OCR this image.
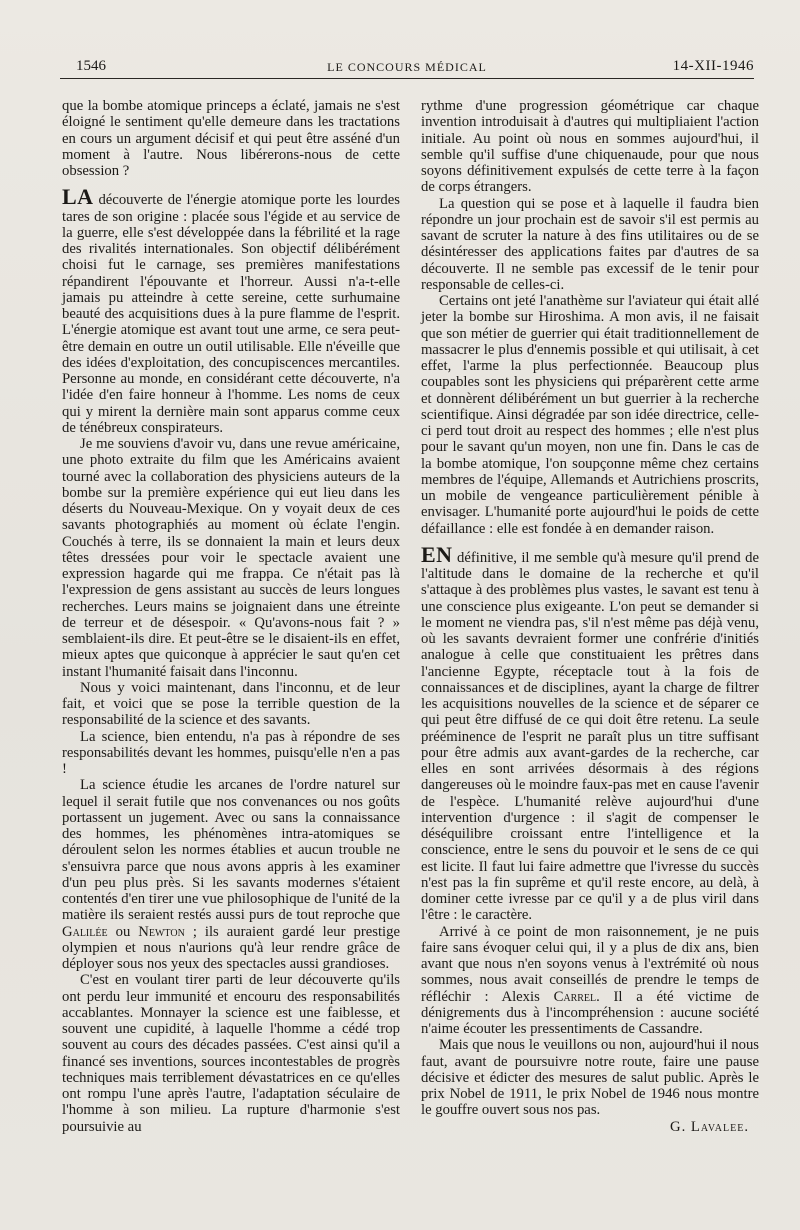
1546	LE CONCOURS MÉDICAL	14-XII-1946

que la bombe atomique princeps a éclaté, jamais ne s'est éloigné le sentiment qu'elle demeure dans les tractations en cours un argument décisif et qui peut être asséné d'un moment à l'autre. Nous libérerons-nous de cette obsession ?

LA découverte de l'énergie atomique porte les lourdes tares de son origine : placée sous l'égide et au service de la guerre, elle s'est développée dans la fébrilité et la rage des rivalités internationales. Son objectif délibérément choisi fut le carnage, ses premières manifestations répandirent l'épouvante et l'horreur. Aussi n'a-t-elle jamais pu atteindre à cette sereine, cette surhumaine beauté des acquisitions dues à la pure flamme de l'esprit. L'énergie atomique est avant tout une arme, ce sera peut-être demain en outre un outil utilisable. Elle n'éveille que des idées d'exploitation, des concupiscences mercantiles. Personne au monde, en considérant cette découverte, n'a l'idée d'en faire honneur à l'homme. Les noms de ceux qui y mirent la dernière main sont apparus comme ceux de ténébreux conspirateurs.

Je me souviens d'avoir vu, dans une revue américaine, une photo extraite du film que les Américains avaient tourné avec la collaboration des physiciens auteurs de la bombe sur la première expérience qui eut lieu dans les déserts du Nouveau-Mexique. On y voyait deux de ces savants photographiés au moment où éclate l'engin. Couchés à terre, ils se donnaient la main et leurs deux têtes dressées pour voir le spectacle avaient une expression hagarde qui me frappa. Ce n'était pas là l'expression de gens assistant au succès de leurs longues recherches. Leurs mains se joignaient dans une étreinte de terreur et de désespoir. « Qu'avons-nous fait ? » semblaient-ils dire. Et peut-être se le disaient-ils en effet, mieux aptes que quiconque à apprécier le saut qu'en cet instant l'humanité faisait dans l'inconnu.

Nous y voici maintenant, dans l'inconnu, et de leur fait, et voici que se pose la terrible question de la responsabilité de la science et des savants.

La science, bien entendu, n'a pas à répondre de ses responsabilités devant les hommes, puisqu'elle n'en a pas !

La science étudie les arcanes de l'ordre naturel sur lequel il serait futile que nos convenances ou nos goûts portassent un jugement. Avec ou sans la connaissance des hommes, les phénomènes intra-atomiques se déroulent selon les normes établies et aucun trouble ne s'ensuivra parce que nous avons appris à les examiner d'un peu plus près. Si les savants modernes s'étaient contentés d'en tirer une vue philosophique de l'unité de la matière ils seraient restés aussi purs de tout reproche que Galilée ou Newton ; ils auraient gardé leur prestige olympien et nous n'aurions qu'à leur rendre grâce de déployer sous nos yeux des spectacles aussi grandioses.

C'est en voulant tirer parti de leur découverte qu'ils ont perdu leur immunité et encouru des responsabilités accablantes. Monnayer la science est une faiblesse, et souvent une cupidité, à laquelle l'homme a cédé trop souvent au cours des décades passées. C'est ainsi qu'il a financé ses inventions, sources incontestables de progrès techniques mais terriblement dévastatrices en ce qu'elles ont rompu l'une après l'autre, l'adaptation séculaire de l'homme à son milieu. La rupture d'harmonie s'est poursuivie au

rythme d'une progression géométrique car chaque invention introduisait à d'autres qui multipliaient l'action initiale. Au point où nous en sommes aujourd'hui, il semble qu'il suffise d'une chiquenaude, pour que nous soyons définitivement expulsés de cette terre à la façon de corps étrangers.

La question qui se pose et à laquelle il faudra bien répondre un jour prochain est de savoir s'il est permis au savant de scruter la nature à des fins utilitaires ou de se désintéresser des applications faites par d'autres de sa découverte. Il ne semble pas excessif de le tenir pour responsable de celles-ci.

Certains ont jeté l'anathème sur l'aviateur qui était allé jeter la bombe sur Hiroshima. A mon avis, il ne faisait que son métier de guerrier qui était traditionnellement de massacrer le plus d'ennemis possible et qui utilisait, à cet effet, l'arme la plus perfectionnée. Beaucoup plus coupables sont les physiciens qui préparèrent cette arme et donnèrent délibérément un but guerrier à la recherche scientifique. Ainsi dégradée par son idée directrice, celle-ci perd tout droit au respect des hommes ; elle n'est plus pour le savant qu'un moyen, non une fin. Dans le cas de la bombe atomique, l'on soupçonne même chez certains membres de l'équipe, Allemands et Autrichiens proscrits, un mobile de vengeance particulièrement pénible à envisager. L'humanité porte aujourd'hui le poids de cette défaillance : elle est fondée à en demander raison.

EN définitive, il me semble qu'à mesure qu'il prend de l'altitude dans le domaine de la recherche et qu'il s'attaque à des problèmes plus vastes, le savant est tenu à une conscience plus exigeante. L'on peut se demander si le moment ne viendra pas, s'il n'est même pas déjà venu, où les savants devraient former une confrérie d'initiés analogue à celle que constituaient les prêtres dans l'ancienne Egypte, réceptacle tout à la fois de connaissances et de disciplines, ayant la charge de filtrer les acquisitions nouvelles de la science et de séparer ce qui peut être diffusé de ce qui doit être retenu. La seule prééminence de l'esprit ne paraît plus un titre suffisant pour être admis aux avant-gardes de la recherche, car elles en sont arrivées désormais à des régions dangereuses où le moindre faux-pas met en cause l'avenir de l'espèce. L'humanité relève aujourd'hui d'une intervention d'urgence : il s'agit de compenser le déséquilibre croissant entre l'intelligence et la conscience, entre le sens du pouvoir et le sens de ce qui est licite. Il faut lui faire admettre que l'ivresse du succès n'est pas la fin suprême et qu'il reste encore, au delà, à dominer cette ivresse par ce qu'il y a de plus viril dans l'être : le caractère.

Arrivé à ce point de mon raisonnement, je ne puis faire sans évoquer celui qui, il y a plus de dix ans, bien avant que nous n'en soyons venus à l'extrémité où nous sommes, nous avait conseillés de prendre le temps de réfléchir : Alexis Carrel. Il a été victime de dénigrements dus à l'incompréhension : aucune société n'aime écouter les pressentiments de Cassandre.

Mais que nous le veuillons ou non, aujourd'hui il nous faut, avant de poursuivre notre route, faire une pause décisive et édicter des mesures de salut public. Après le prix Nobel de 1911, le prix Nobel de 1946 nous montre le gouffre ouvert sous nos pas.

G. Lavalee.
